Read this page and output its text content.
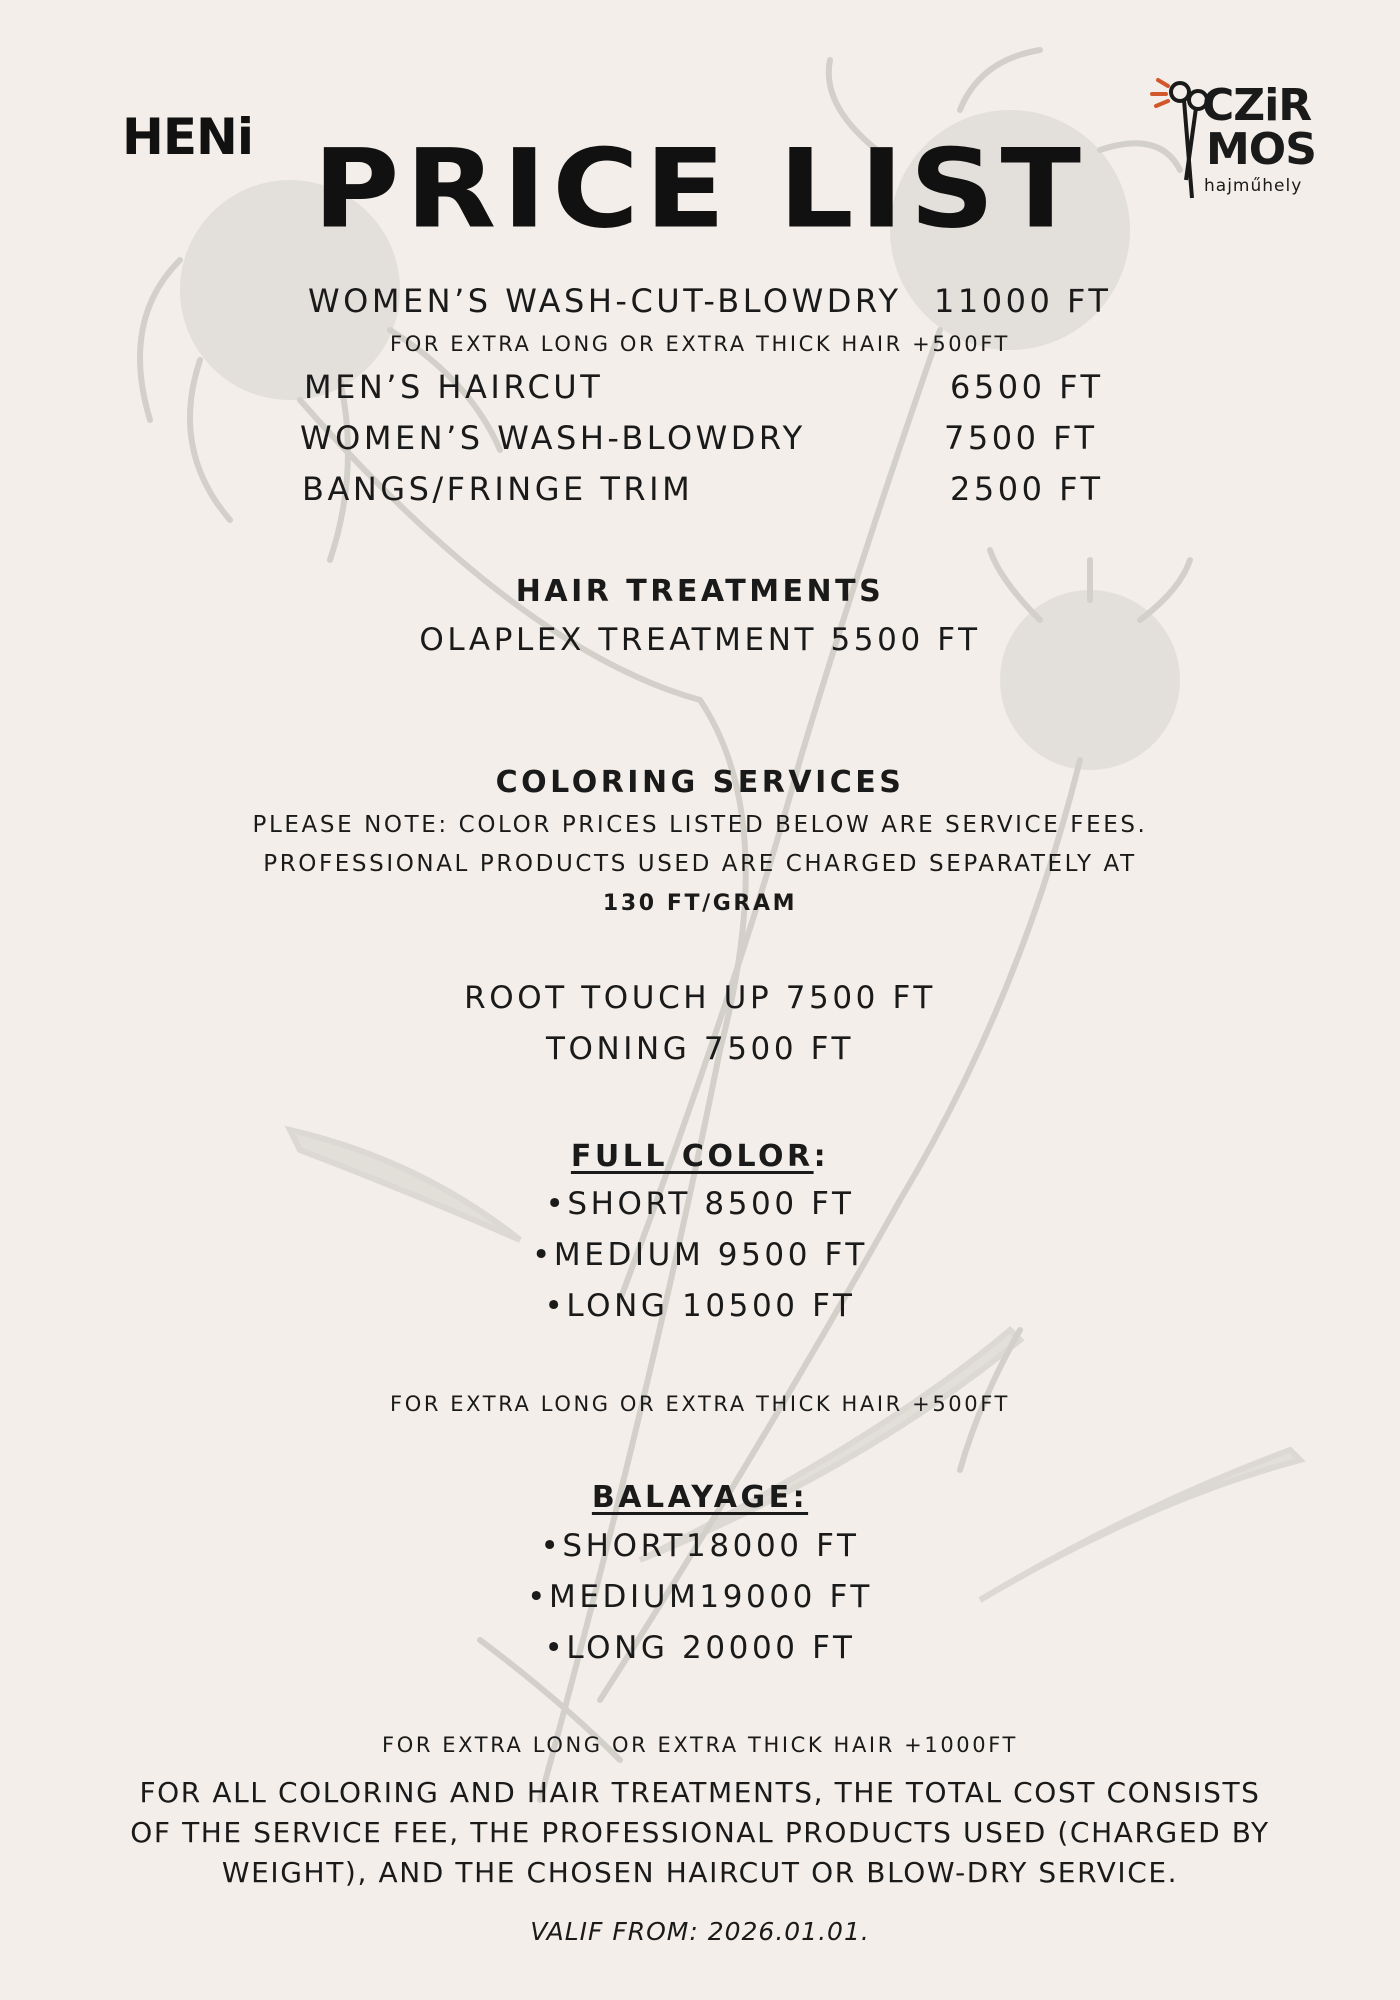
HENi
CZiR
MOS
hajműhely
PRICE LIST
WOMEN’S WASH-CUT-BLOWDRY 11000 FT
FOR EXTRA LONG OR EXTRA THICK HAIR +500FT
MEN’S HAIRCUT	6500 FT
WOMEN’S WASH-BLOWDRY	7500 FT
BANGS/FRINGE TRIM	2500 FT
HAIR TREATMENTS
OLAPLEX TREATMENT 5500 FT
COLORING SERVICES
PLEASE NOTE: COLOR PRICES LISTED BELOW ARE SERVICE FEES.
PROFESSIONAL PRODUCTS USED ARE CHARGED SEPARATELY AT
130 FT/GRAM
ROOT TOUCH UP 7500 FT
TONING 7500 FT
FULL COLOR:
•SHORT 8500 FT
•MEDIUM 9500 FT
•LONG 10500 FT
FOR EXTRA LONG OR EXTRA THICK HAIR +500FT
BALAYAGE:
•SHORT18000 FT
•MEDIUM19000 FT
•LONG 20000 FT
FOR EXTRA LONG OR EXTRA THICK HAIR +1000FT
FOR ALL COLORING AND HAIR TREATMENTS, THE TOTAL COST CONSISTS
OF THE SERVICE FEE, THE PROFESSIONAL PRODUCTS USED (CHARGED BY
WEIGHT), AND THE CHOSEN HAIRCUT OR BLOW-DRY SERVICE.
VALIF FROM: 2026.01.01.
